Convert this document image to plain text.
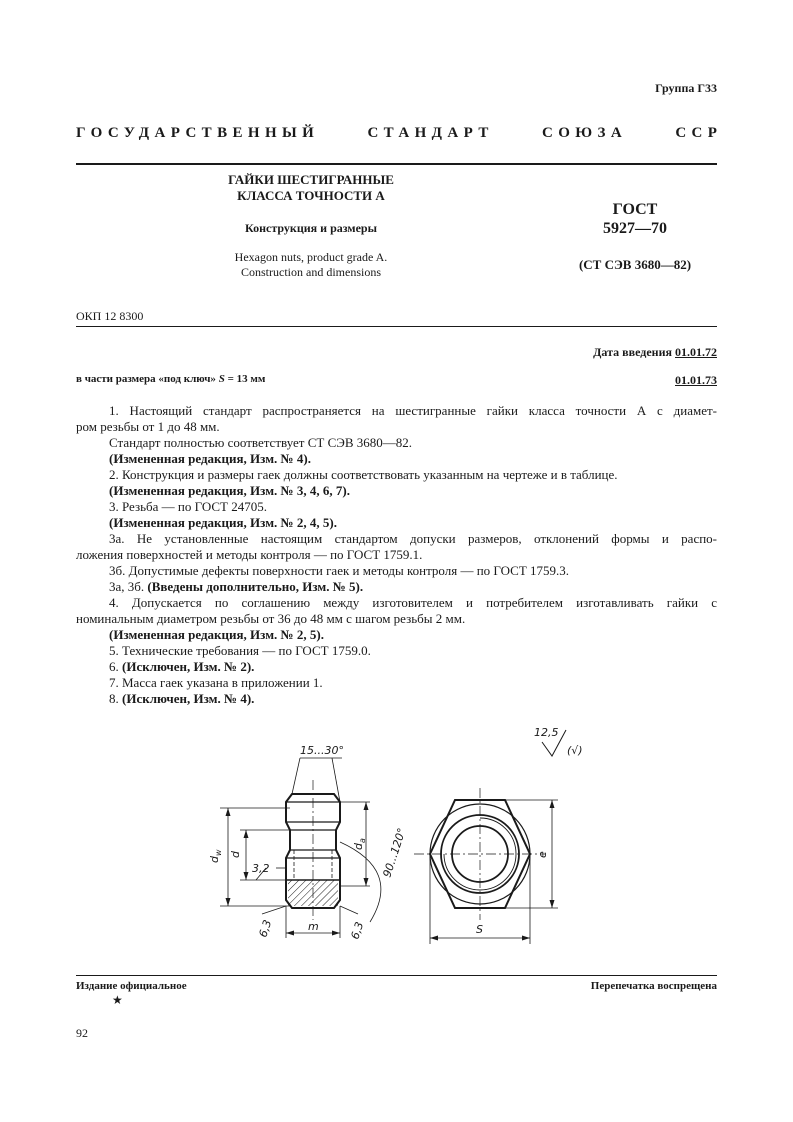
Группа Г33
ГОСУДАРСТВЕННЫЙ	СТАНДАРТ	СОЮЗА	ССР
ГАЙКИ ШЕСТИГРАННЫЕ
КЛАССА ТОЧНОСТИ А
Конструкция и размеры
Hexagon nuts, product grade A.
Construction and dimensions
ГОСТ
5927—70
(СТ СЭВ 3680—82)
ОКП 12 8300
Дата введения 01.01.72
в части размера «под ключ» S = 13 мм	01.01.73

1. Настоящий стандарт распространяется на шестигранные гайки класса точности А с диамет-

ром резьбы от 1 до 48 мм.

Стандарт полностью соответствует СТ СЭВ 3680—82.

(Измененная редакция, Изм. № 4).

2. Конструкция и размеры гаек должны соответствовать указанным на чертеже и в таблице.

(Измененная редакция, Изм. № 3, 4, 6, 7).

3. Резьба — по ГОСТ 24705.

(Измененная редакция, Изм. № 2, 4, 5).

3а. Не установленные настоящим стандартом допуски размеров, отклонений формы и распо-

ложения поверхностей и методы контроля — по ГОСТ 1759.1.

3б. Допустимые дефекты поверхности гаек и методы контроля — по ГОСТ 1759.3.

3а, 3б. (Введены дополнительно, Изм. № 5).

4. Допускается по соглашению между изготовителем и потребителем изготавливать гайки с

номинальным диаметром резьбы от 36 до 48 мм с шагом резьбы 2 мм.

(Измененная редакция, Изм. № 2, 5).

5. Технические требования — по ГОСТ 1759.0.

6. (Исключен, Изм. № 2).

7. Масса гаек указана в приложении 1.

8. (Исключен, Изм. № 4).

15...30°
$d_w$ d
$d_a$ 90...120°
3,2
6,3	6,3
m
12,5
(√)
e
S
Издание официальное
★
Перепечатка воспрещена
92
